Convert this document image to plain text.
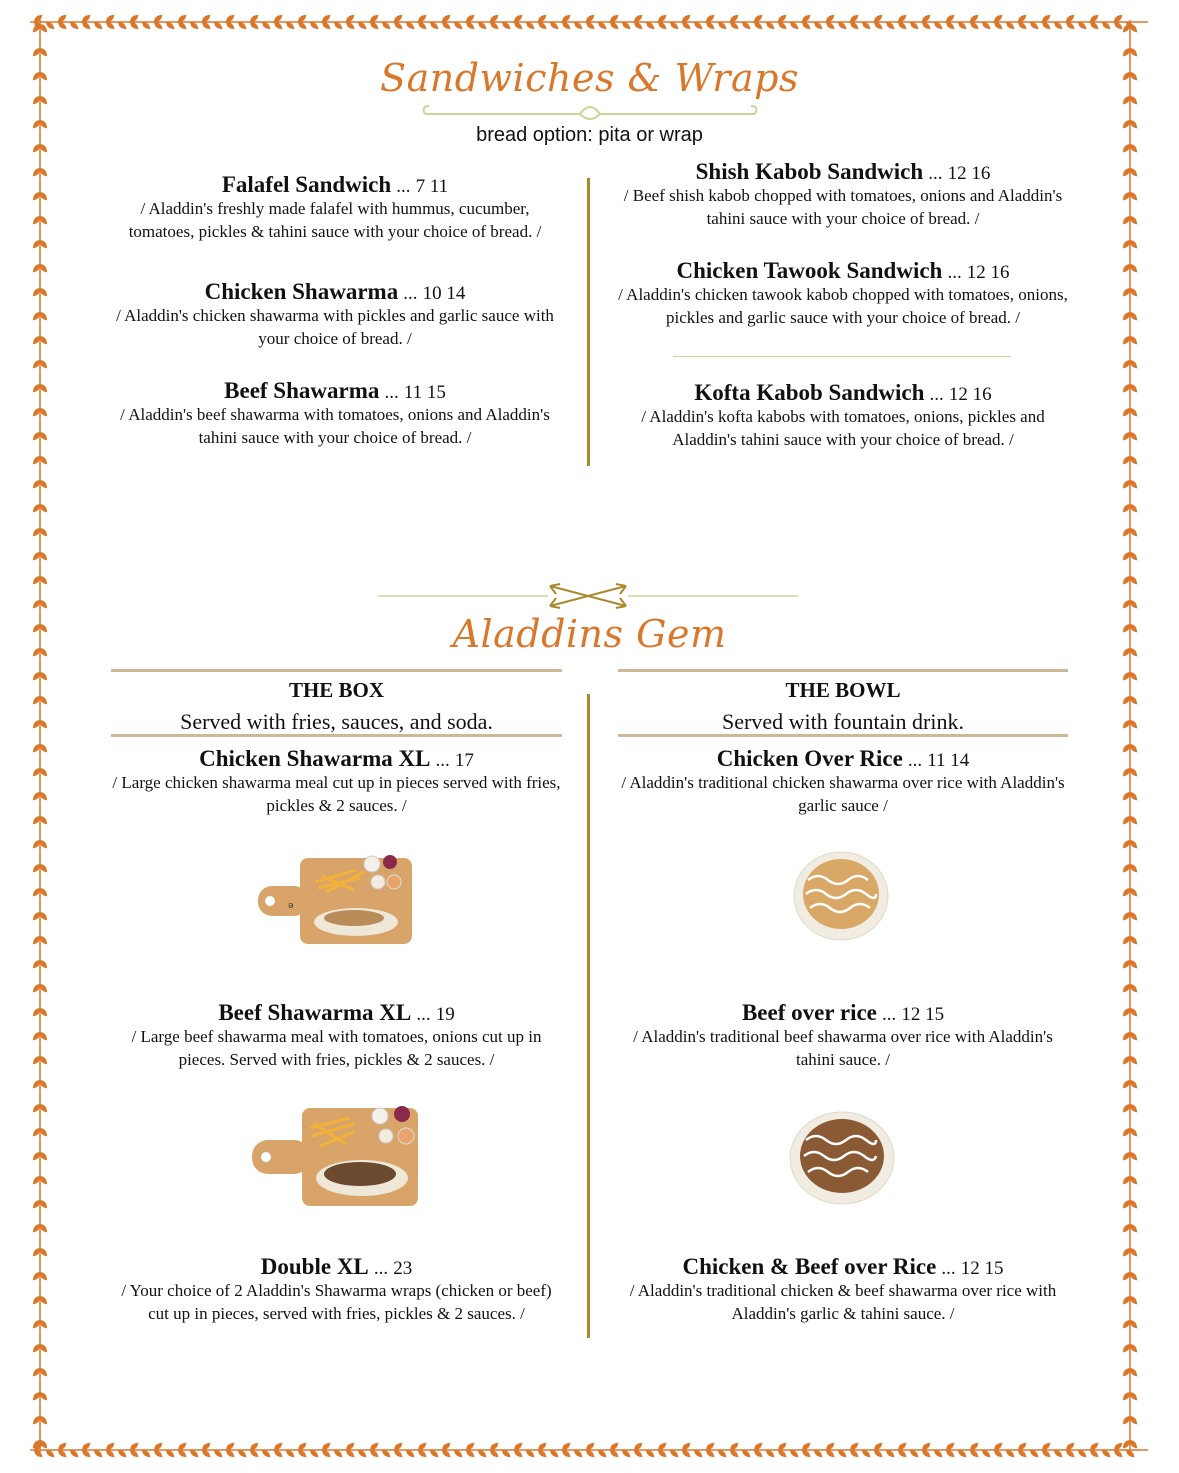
Sandwiches & Wraps
bread option: pita or wrap
Falafel Sandwich ... 7 11
/ Aladdin's freshly made falafel with hummus, cucumber, tomatoes, pickles & tahini sauce with your choice of bread. /
Chicken Shawarma ... 10 14
/ Aladdin's chicken shawarma with pickles and garlic sauce with your choice of bread. /
Beef Shawarma ... 11 15
/ Aladdin's beef shawarma with tomatoes, onions and Aladdin's tahini sauce with your choice of bread. /
Shish Kabob Sandwich ... 12 16
/ Beef shish kabob chopped with tomatoes, onions and Aladdin's tahini sauce with your choice of bread. /
Chicken Tawook Sandwich ... 12 16
/ Aladdin's chicken tawook kabob chopped with tomatoes, onions, pickles and garlic sauce with your choice of bread. /
Kofta Kabob Sandwich ... 12 16
/ Aladdin's kofta kabobs with tomatoes, onions, pickles and Aladdin's tahini sauce with your choice of bread. /
Aladdins Gem
THE BOX
Served with fries, sauces, and soda.
THE BOWL
Served with fountain drink.
Chicken Shawarma XL ... 17
/ Large chicken shawarma meal cut up in pieces served with fries, pickles & 2 sauces. /
ǝ
Beef Shawarma XL ... 19
/ Large beef shawarma meal with tomatoes, onions cut up in pieces. Served with fries, pickles & 2 sauces. /
Double XL ... 23
/ Your choice of 2 Aladdin's Shawarma wraps (chicken or beef) cut up in pieces, served with fries, pickles & 2 sauces. /
Chicken Over Rice ... 11 14
/ Aladdin's traditional chicken shawarma over rice with Aladdin's garlic sauce /
Beef over rice ... 12 15
/ Aladdin's traditional beef shawarma over rice with Aladdin's tahini sauce. /
Chicken & Beef over Rice ... 12 15
/ Aladdin's traditional chicken & beef shawarma over rice with Aladdin's garlic & tahini sauce. /
